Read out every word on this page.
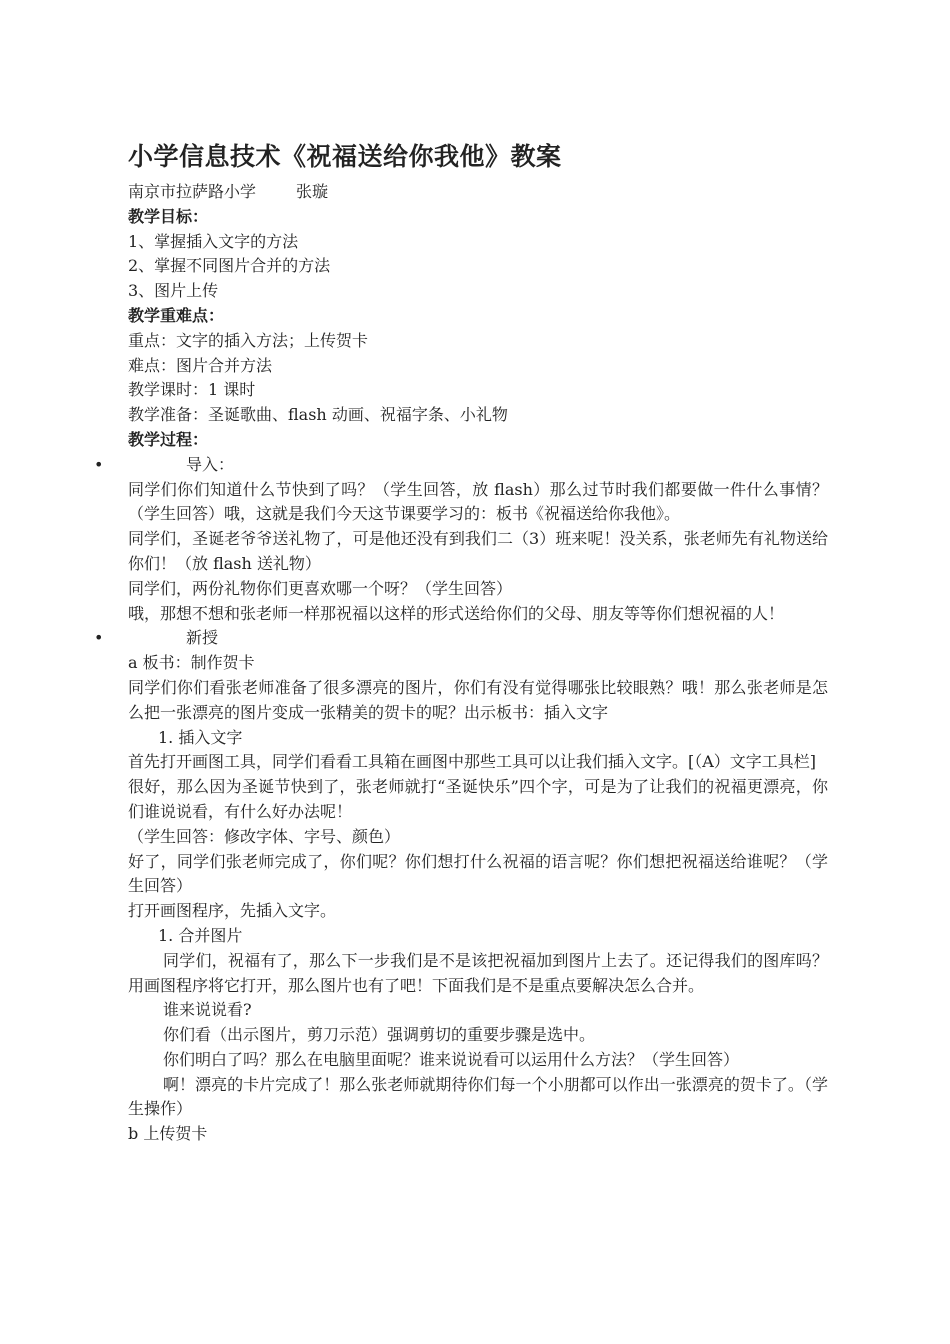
小学信息技术《祝福送给你我他》教案

南京市拉萨路小学	张璇

教学目标：

1、掌握插入文字的方法

2、掌握不同图片合并的方法

3、图片上传

教学重难点：

重点：文字的插入方法；上传贺卡

难点：图片合并方法

教学课时：1 课时

教学准备：圣诞歌曲、flash 动画、祝福字条、小礼物

教学过程：

•	导入：

同学们你们知道什么节快到了吗？（学生回答，放 flash）那么过节时我们都要做一件什么事情？（学生回答）哦，这就是我们今天这节课要学习的：板书《祝福送给你我他》。

同学们，圣诞老爷爷送礼物了，可是他还没有到我们二（3）班来呢！没关系，张老师先有礼物送给你们！（放 flash 送礼物）

同学们，两份礼物你们更喜欢哪一个呀？（学生回答）

哦，那想不想和张老师一样那祝福以这样的形式送给你们的父母、朋友等等你们想祝福的人！

•	新授

a 板书：制作贺卡

同学们你们看张老师准备了很多漂亮的图片，你们有没有觉得哪张比较眼熟？哦！那么张老师是怎么把一张漂亮的图片变成一张精美的贺卡的呢？出示板书：插入文字

1. 插入文字

首先打开画图工具，同学们看看工具箱在画图中那些工具可以让我们插入文字。[（A）文字工具栏]

很好，那么因为圣诞节快到了，张老师就打“圣诞快乐”四个字，可是为了让我们的祝福更漂亮，你们谁说说看，有什么好办法呢！

（学生回答：修改字体、字号、颜色）

好了，同学们张老师完成了，你们呢？你们想打什么祝福的语言呢？你们想把祝福送给谁呢？（学生回答）

打开画图程序，先插入文字。

1. 合并图片

同学们，祝福有了，那么下一步我们是不是该把祝福加到图片上去了。还记得我们的图库吗？用画图程序将它打开，那么图片也有了吧！下面我们是不是重点要解决怎么合并。

谁来说说看?

你们看（出示图片，剪刀示范）强调剪切的重要步骤是选中。

你们明白了吗？那么在电脑里面呢？谁来说说看可以运用什么方法？（学生回答）

啊！漂亮的卡片完成了！那么张老师就期待你们每一个小朋都可以作出一张漂亮的贺卡了。（学生操作）

b 上传贺卡
